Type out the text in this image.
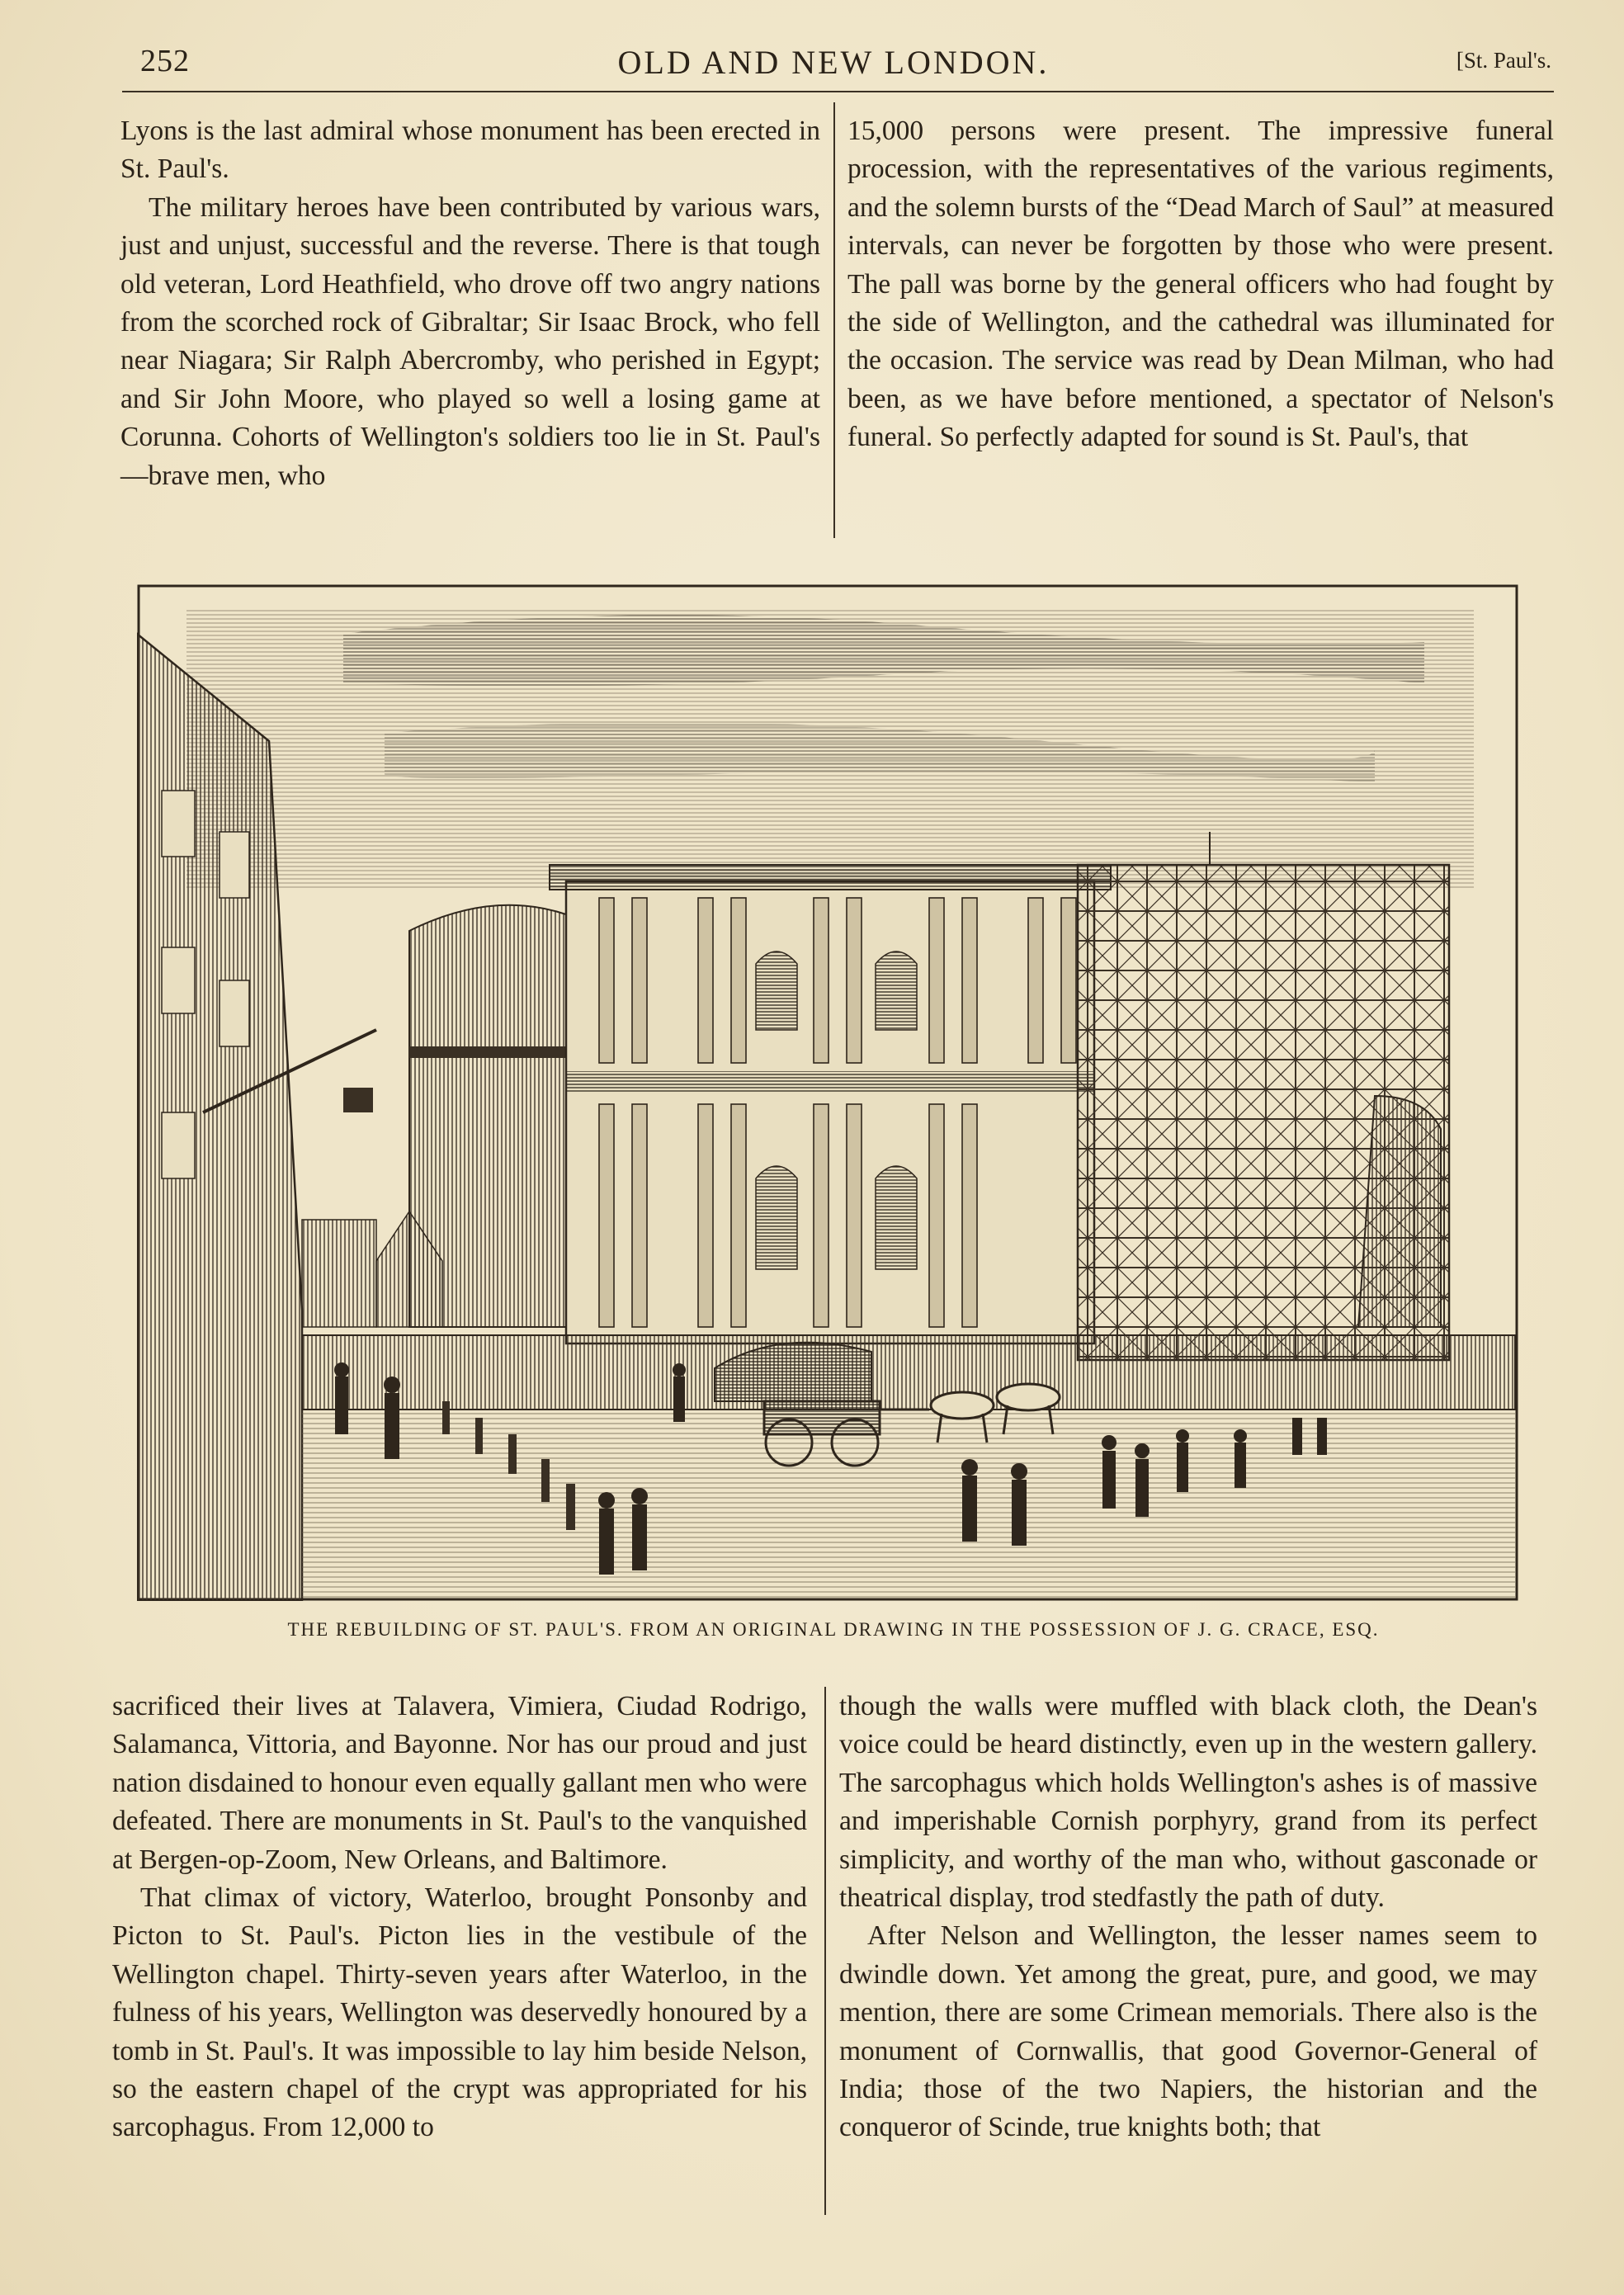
252	OLD AND NEW LONDON.	[St. Paul's.

Lyons is the last admiral whose monument has been erected in St. Paul's.

The military heroes have been contributed by various wars, just and unjust, successful and the reverse. There is that tough old veteran, Lord Heathfield, who drove off two angry nations from the scorched rock of Gibraltar; Sir Isaac Brock, who fell near Niagara; Sir Ralph Abercromby, who perished in Egypt; and Sir John Moore, who played so well a losing game at Corunna. Cohorts of Wellington's soldiers too lie in St. Paul's—brave men, who

15,000 persons were present. The impressive funeral procession, with the representatives of the various regiments, and the solemn bursts of the “Dead March of Saul” at measured intervals, can never be forgotten by those who were present. The pall was borne by the general officers who had fought by the side of Wellington, and the cathedral was illuminated for the occasion. The service was read by Dean Milman, who had been, as we have before mentioned, a spectator of Nelson's funeral. So perfectly adapted for sound is St. Paul's, that

THE REBUILDING OF ST. PAUL'S. FROM AN ORIGINAL DRAWING IN THE POSSESSION OF J. G. CRACE, ESQ.

sacrificed their lives at Talavera, Vimiera, Ciudad Rodrigo, Salamanca, Vittoria, and Bayonne. Nor has our proud and just nation disdained to honour even equally gallant men who were defeated. There are monuments in St. Paul's to the vanquished at Bergen-op-Zoom, New Orleans, and Baltimore.

That climax of victory, Waterloo, brought Ponsonby and Picton to St. Paul's. Picton lies in the vestibule of the Wellington chapel. Thirty-seven years after Waterloo, in the fulness of his years, Wellington was deservedly honoured by a tomb in St. Paul's. It was impossible to lay him beside Nelson, so the eastern chapel of the crypt was appropriated for his sarcophagus. From 12,000 to

though the walls were muffled with black cloth, the Dean's voice could be heard distinctly, even up in the western gallery. The sarcophagus which holds Wellington's ashes is of massive and imperishable Cornish porphyry, grand from its perfect simplicity, and worthy of the man who, without gasconade or theatrical display, trod stedfastly the path of duty.

After Nelson and Wellington, the lesser names seem to dwindle down. Yet among the great, pure, and good, we may mention, there are some Crimean memorials. There also is the monument of Cornwallis, that good Governor-General of India; those of the two Napiers, the historian and the conqueror of Scinde, true knights both; that
